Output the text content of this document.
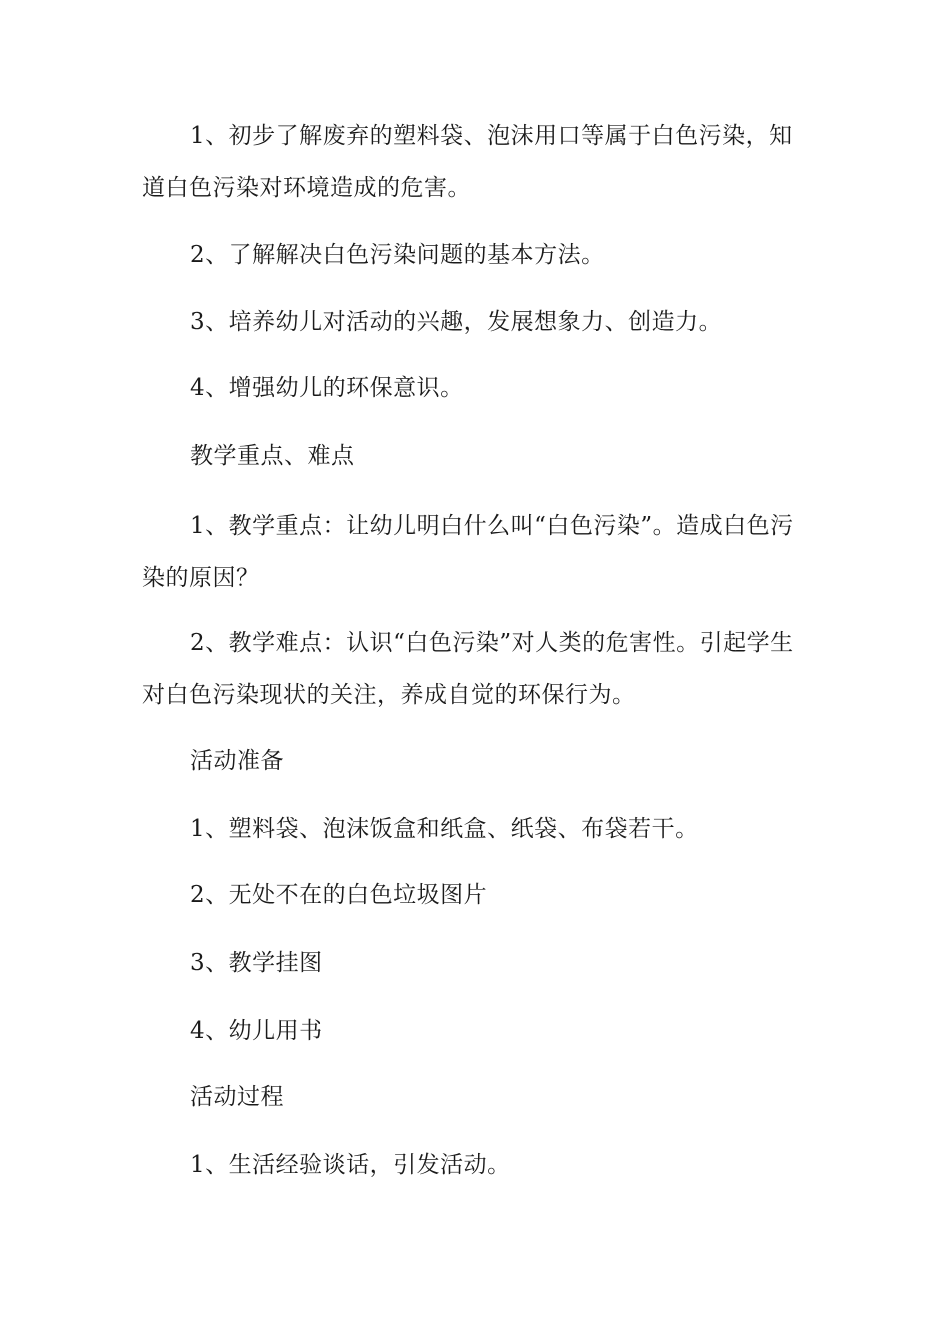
1、初步了解废弃的塑料袋、泡沫用口等属于白色污染，知道白色污染对环境造成的危害。

2、了解解决白色污染问题的基本方法。

3、培养幼儿对活动的兴趣，发展想象力、创造力。

4、增强幼儿的环保意识。

教学重点、难点

1、教学重点：让幼儿明白什么叫“白色污染”。造成白色污染的原因？

2、教学难点：认识“白色污染”对人类的危害性。引起学生对白色污染现状的关注，养成自觉的环保行为。

活动准备

1、塑料袋、泡沫饭盒和纸盒、纸袋、布袋若干。

2、无处不在的白色垃圾图片

3、教学挂图

4、幼儿用书

活动过程

1、生活经验谈话，引发活动。
